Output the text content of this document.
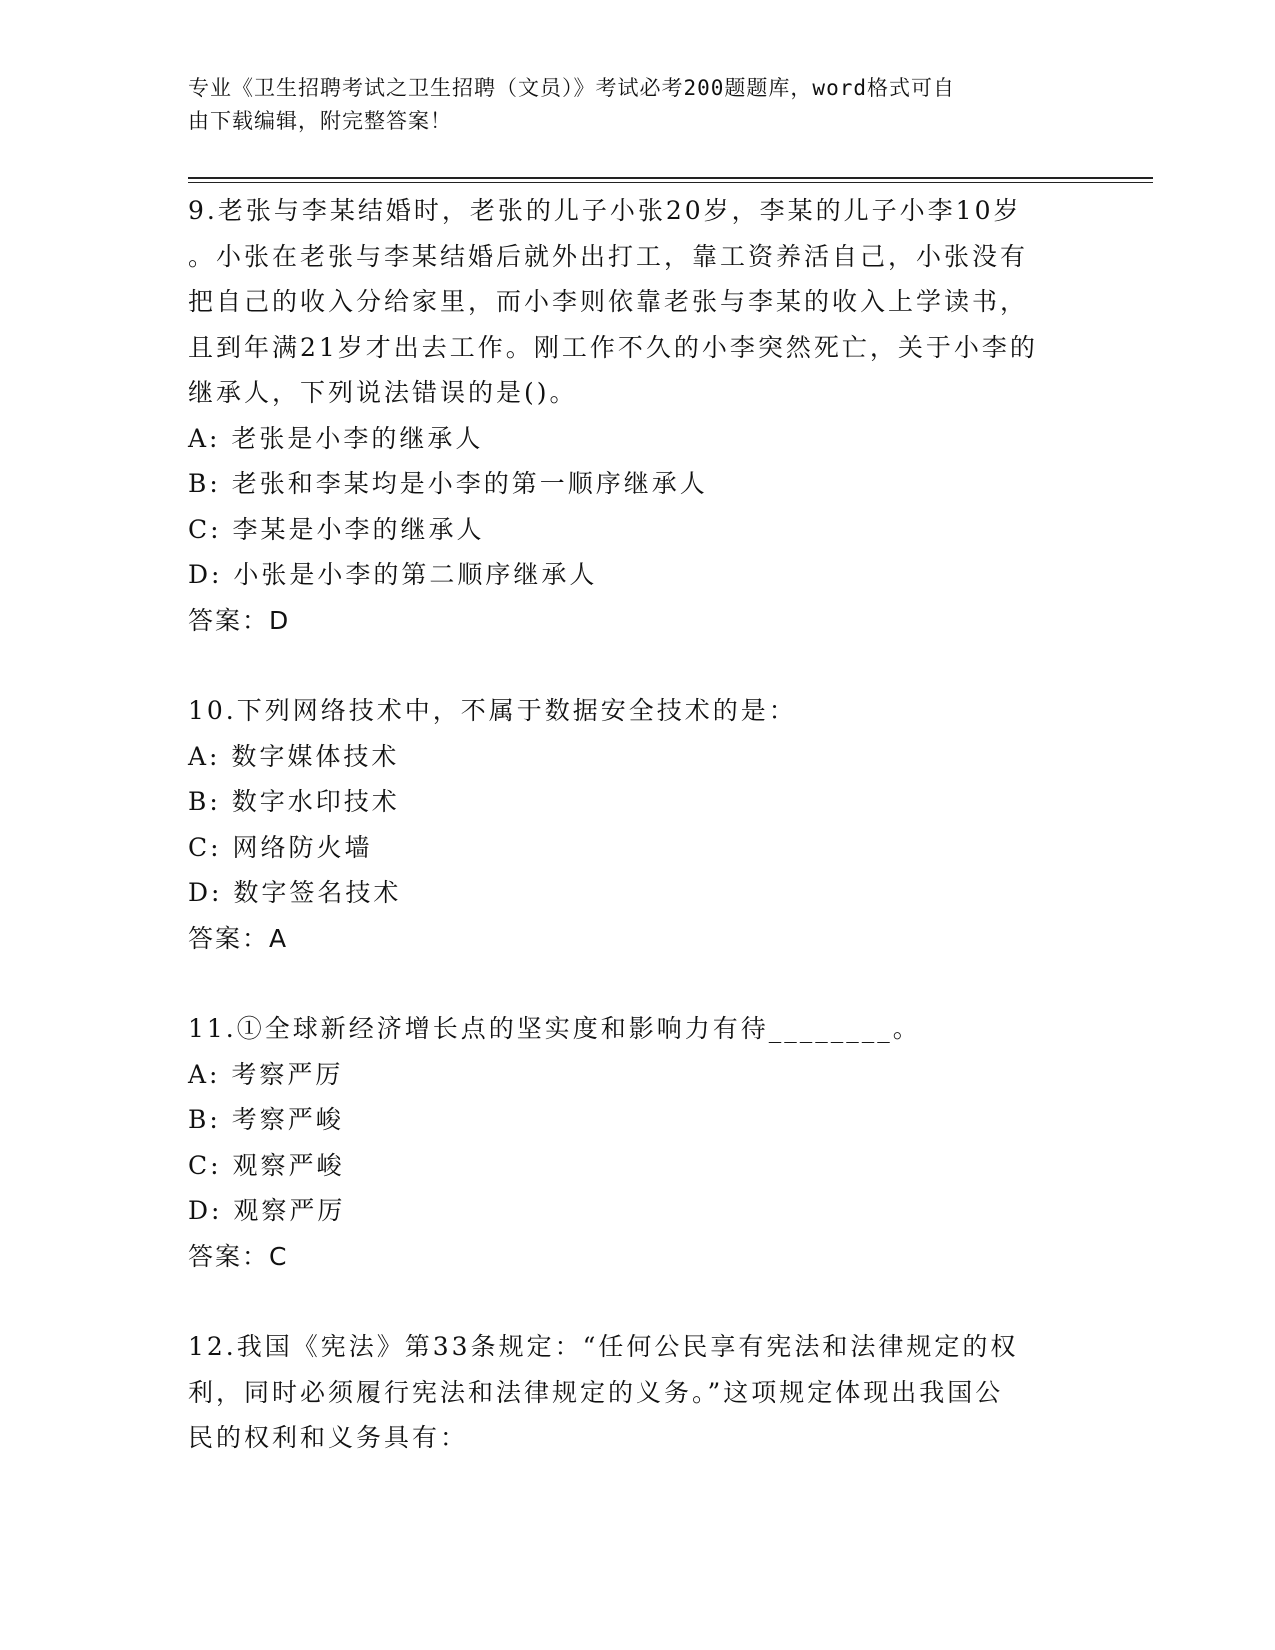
专业《卫生招聘考试之卫生招聘（文员）》考试必考200题题库，word格式可自
由下载编辑，附完整答案！
9.老张与李某结婚时，老张的儿子小张20岁，李某的儿子小李10岁
。小张在老张与李某结婚后就外出打工，靠工资养活自己，小张没有
把自己的收入分给家里，而小李则依靠老张与李某的收入上学读书，
且到年满21岁才出去工作。刚工作不久的小李突然死亡，关于小李的
继承人，下列说法错误的是()。
A: 老张是小李的继承人
B: 老张和李某均是小李的第一顺序继承人
C: 李某是小李的继承人
D: 小张是小李的第二顺序继承人
答案：D
10.下列网络技术中，不属于数据安全技术的是：
A: 数字媒体技术
B: 数字水印技术
C: 网络防火墙
D: 数字签名技术
答案：A
11.①全球新经济增长点的坚实度和影响力有待________。
A: 考察严厉
B: 考察严峻
C: 观察严峻
D: 观察严厉
答案：C
12.我国《宪法》第33条规定：“任何公民享有宪法和法律规定的权
利，同时必须履行宪法和法律规定的义务。”这项规定体现出我国公
民的权利和义务具有：
